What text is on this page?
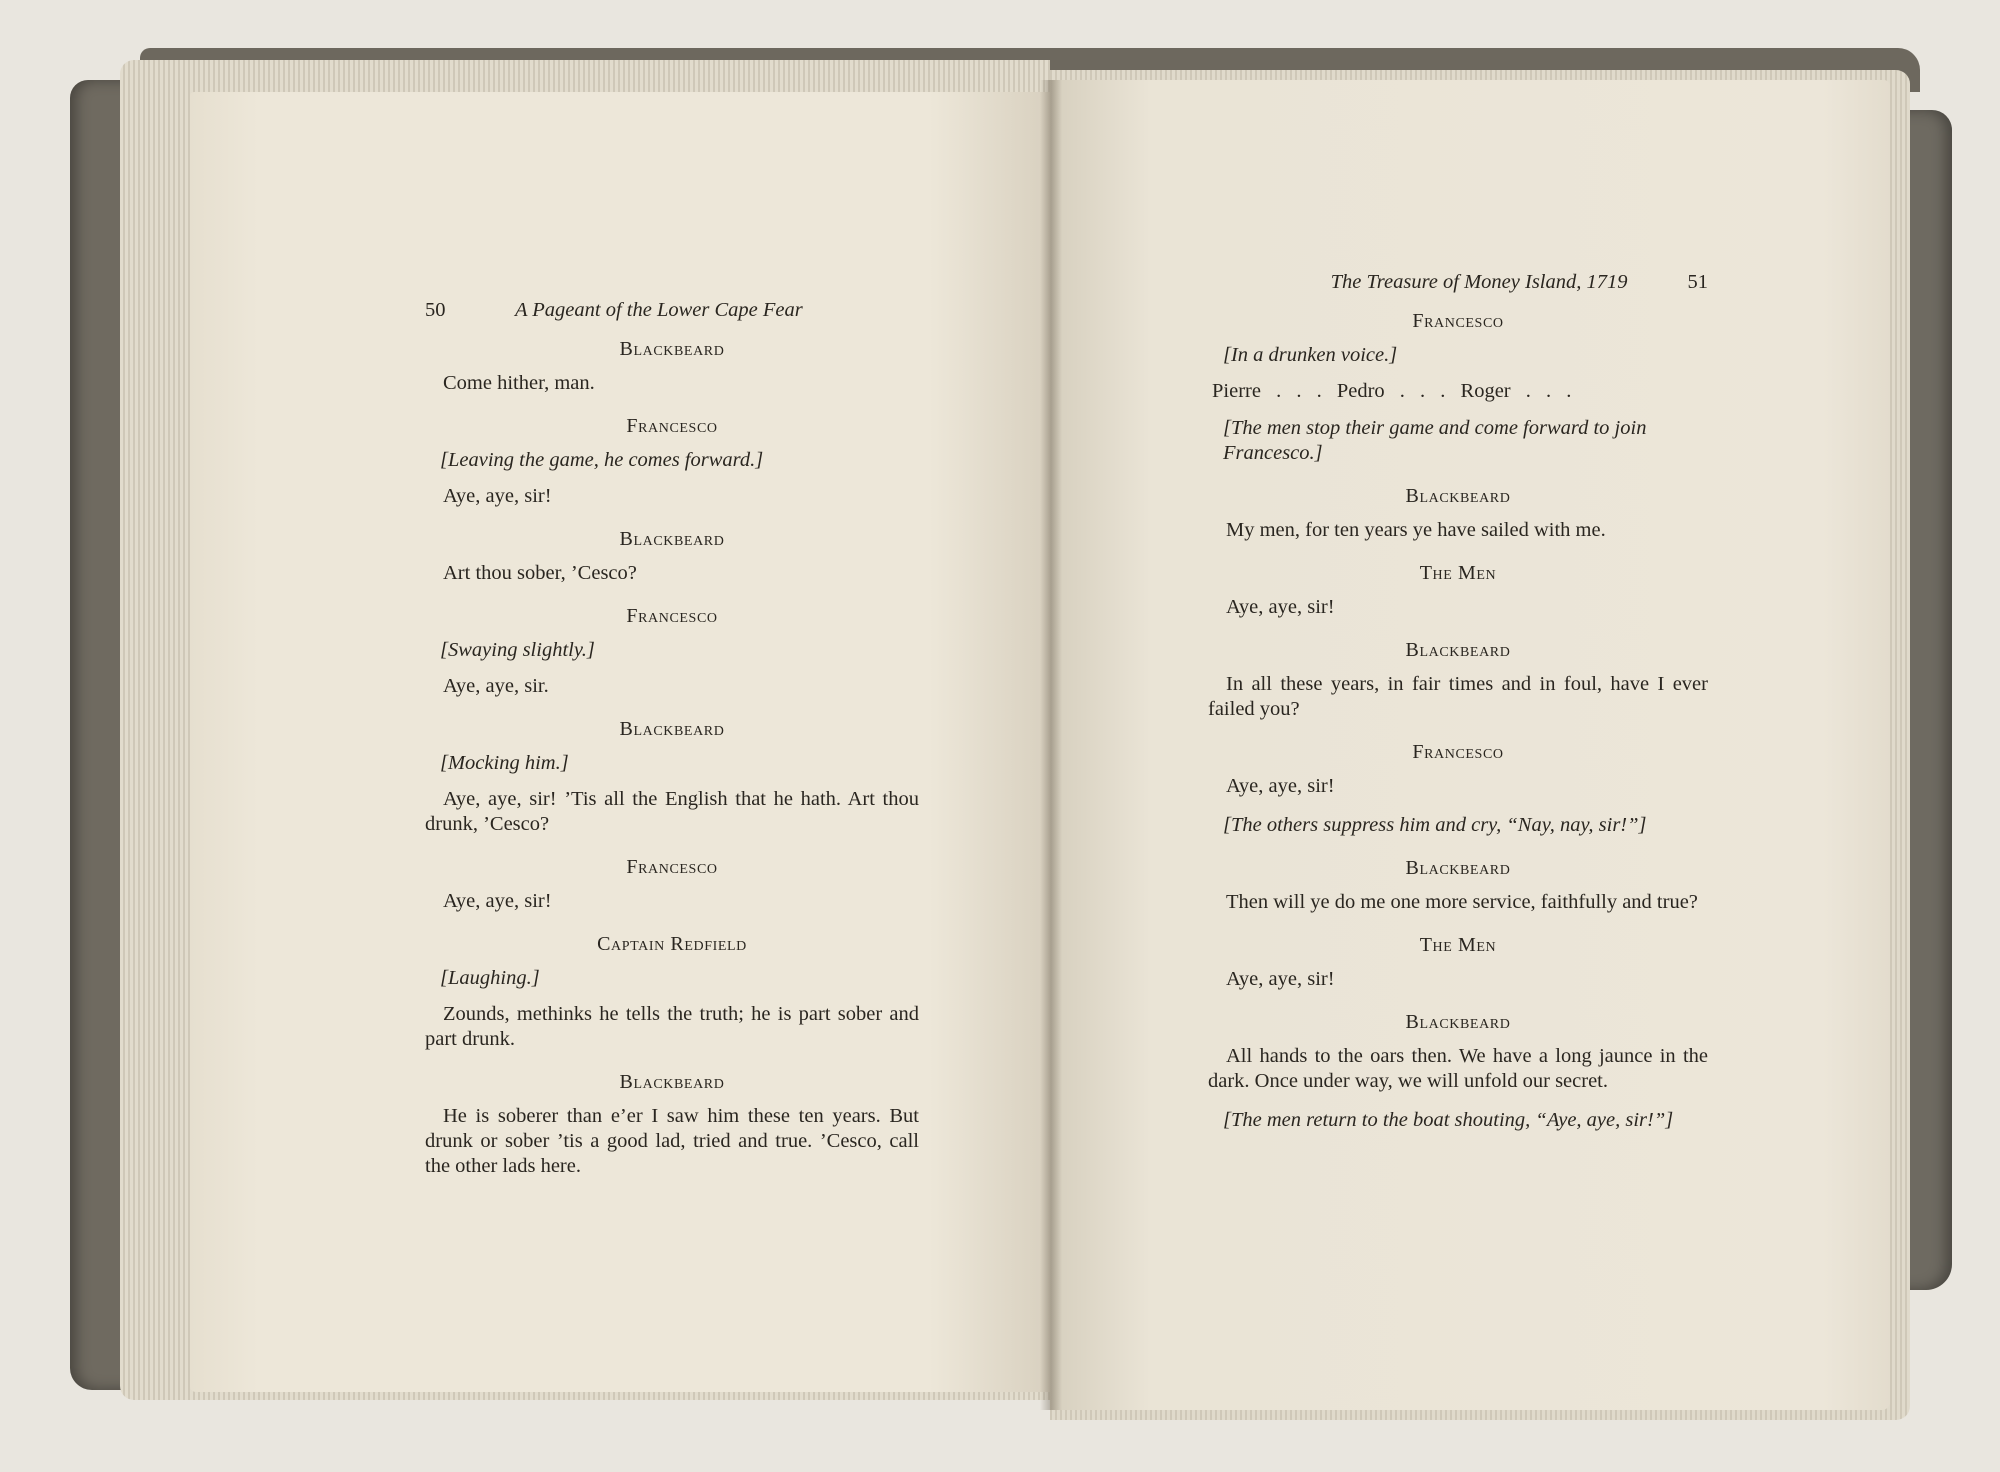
50	A Pageant of the Lower Cape Fear
Blackbeard
Come hither, man.
Francesco
[Leaving the game, he comes forward.]
Aye, aye, sir!
Blackbeard
Art thou sober, ’Cesco?
Francesco
[Swaying slightly.]
Aye, aye, sir.
Blackbeard
[Mocking him.]
Aye, aye, sir! ’Tis all the English that he hath. Art thou drunk, ’Cesco?
Francesco
Aye, aye, sir!
Captain Redfield
[Laughing.]
Zounds, methinks he tells the truth; he is part sober and part drunk.
Blackbeard
He is soberer than e’er I saw him these ten years. But drunk or sober ’tis a good lad, tried and true. ’Cesco, call the other lads here.
The Treasure of Money Island, 1719	51
Francesco
[In a drunken voice.]
Pierre . . . Pedro . . . Roger . . .
[The men stop their game and come forward to join Francesco.]
Blackbeard
My men, for ten years ye have sailed with me.
The Men
Aye, aye, sir!
Blackbeard
In all these years, in fair times and in foul, have I ever failed you?
Francesco
Aye, aye, sir!
[The others suppress him and cry, “Nay, nay, sir!”]
Blackbeard
Then will ye do me one more service, faithfully and true?
The Men
Aye, aye, sir!
Blackbeard
All hands to the oars then. We have a long jaunce in the dark. Once under way, we will unfold our secret.
[The men return to the boat shouting, “Aye, aye, sir!”]
